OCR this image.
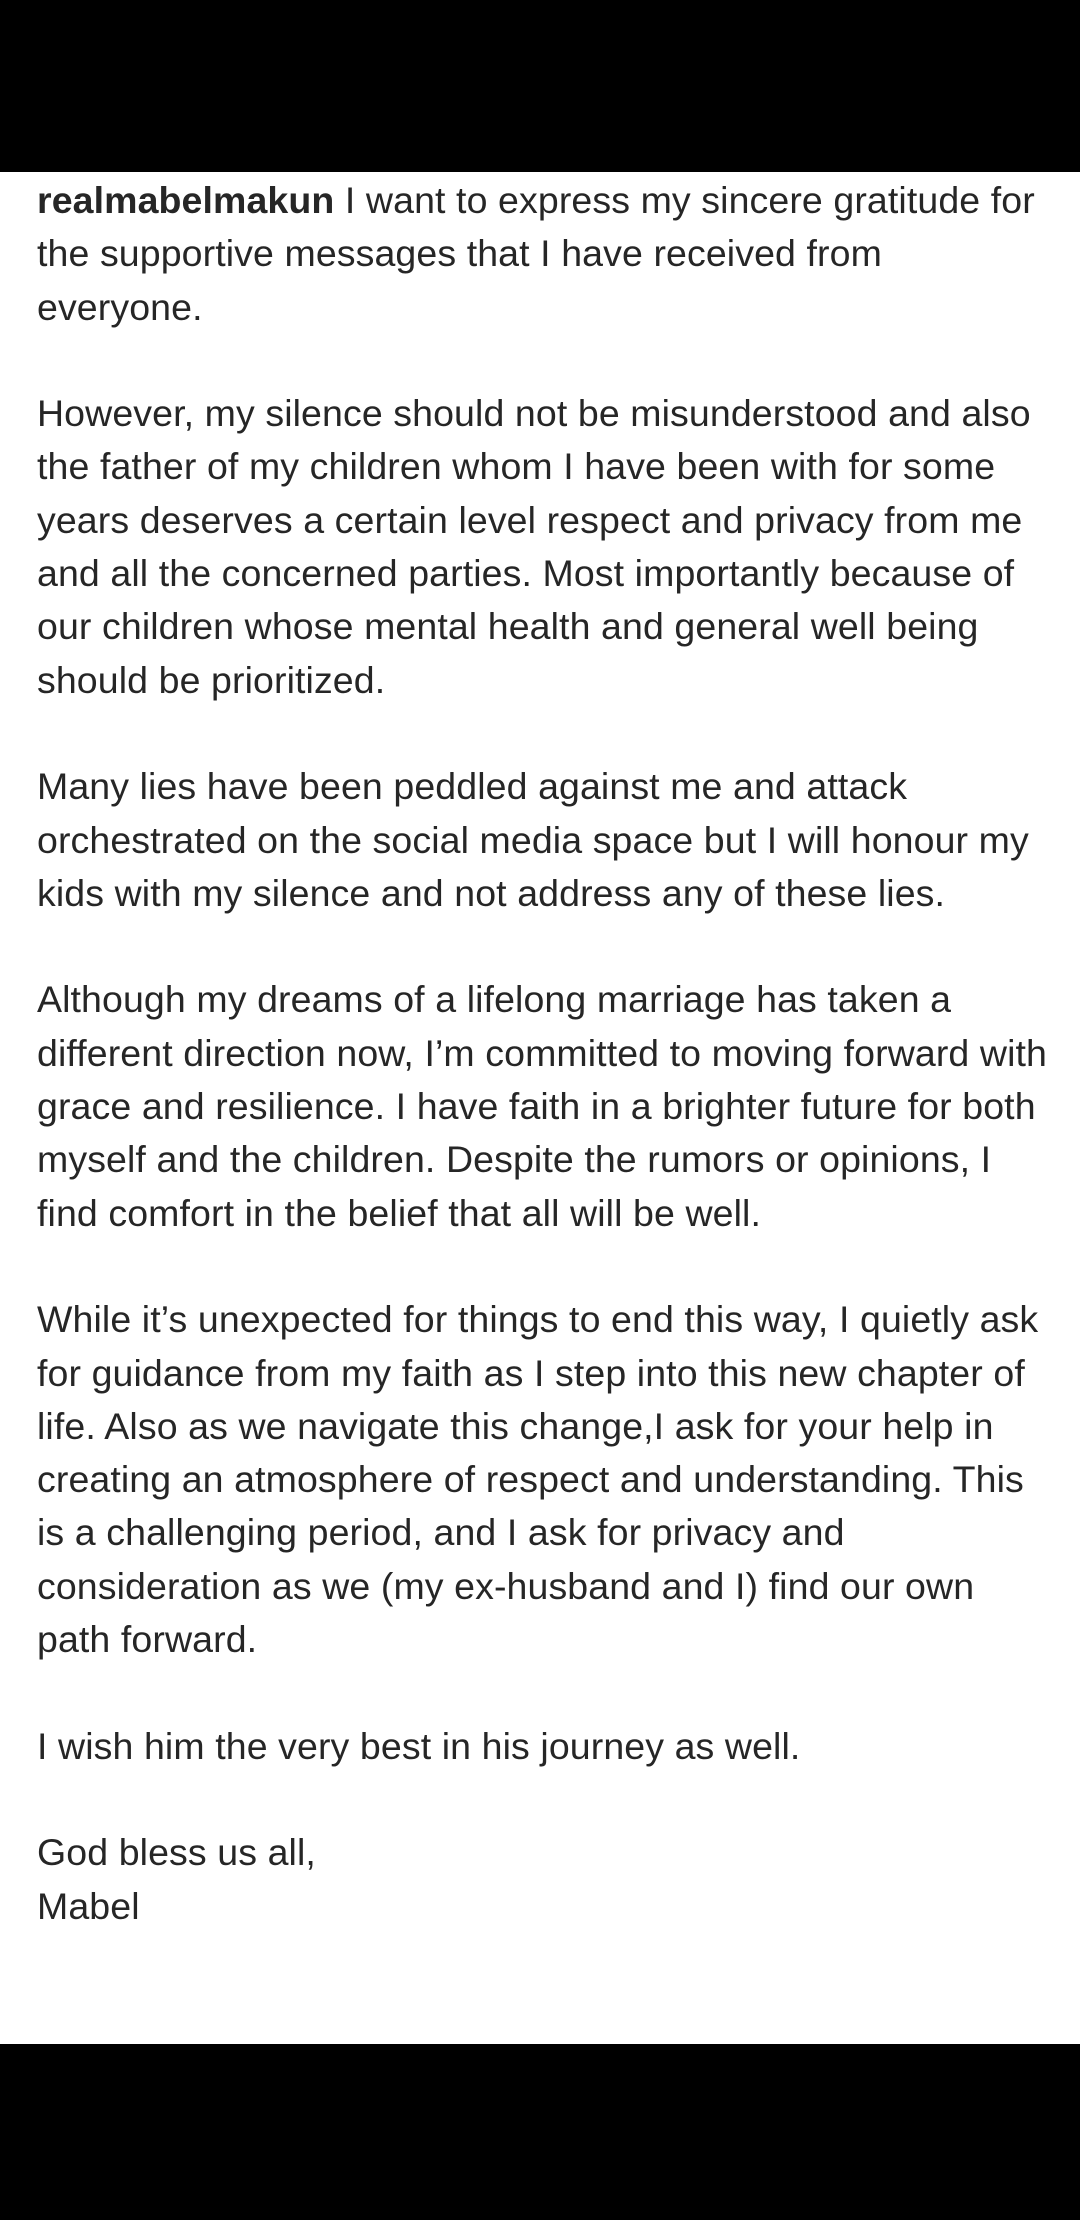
realmabelmakun I want to express my sincere gratitude for the supportive messages that I have received from everyone.

However, my silence should not be misunderstood and also the father of my children whom I have been with for some years deserves a certain level respect and privacy from me and all the concerned parties. Most importantly because of our children whose mental health and general well being should be prioritized.

Many lies have been peddled against me and attack orchestrated on the social media space but I will honour my kids with my silence and not address any of these lies.

Although my dreams of a lifelong marriage has taken a different direction now, I’m committed to moving forward with grace and resilience. I have faith in a brighter future for both myself and the children. Despite the rumors or opinions, I find comfort in the belief that all will be well.

While it’s unexpected for things to end this way, I quietly ask for guidance from my faith as I step into this new chapter of life. Also as we navigate this change,I ask for your help in creating an atmosphere of respect and understanding. This is a challenging period, and I ask for privacy and consideration as we (my ex-husband and I) find our own path forward.

I wish him the very best in his journey as well.

God bless us all,

Mabel
